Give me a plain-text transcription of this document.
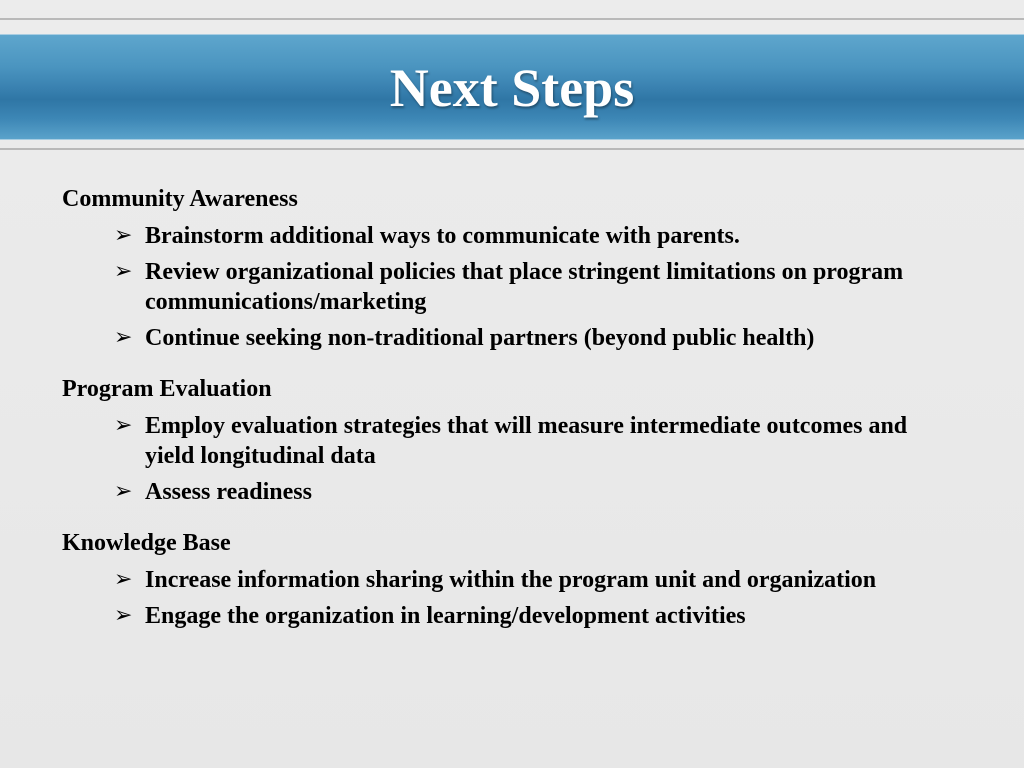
Next Steps

Community Awareness

➢ Brainstorm additional ways to communicate with parents.
➢ Review organizational policies that place stringent limitations on program communications/marketing
➢ Continue seeking non-traditional partners (beyond public health)

Program Evaluation

➢ Employ evaluation strategies that will measure intermediate outcomes and yield longitudinal data
➢ Assess readiness

Knowledge Base

➢ Increase information sharing within the program unit and organization
➢ Engage the organization in learning/development activities
